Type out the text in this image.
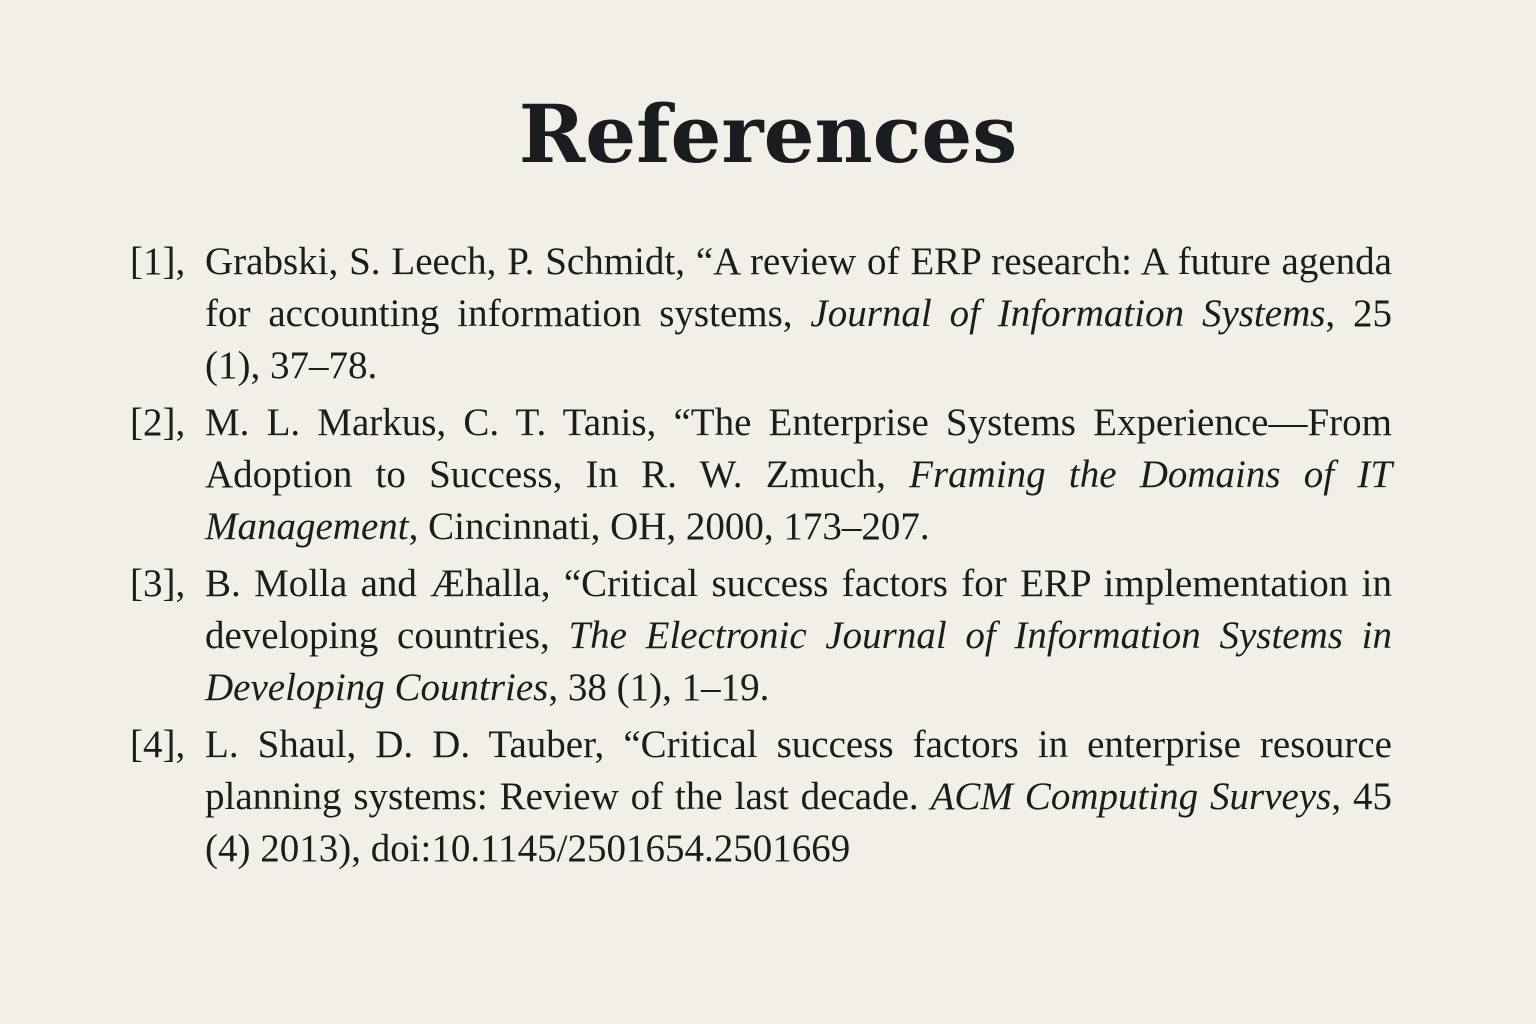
References
[1], Grabski, S. Leech, P. Schmidt, “A review of ERP research: A future agenda for accounting information systems, Journal of Information Systems, 25 (1), 37–78.
[2], M. L. Markus, C. T. Tanis, “The Enterprise Systems Experience—From Adoption to Success, In R. W. Zmuch, Framing the Domains of IT Management, Cincinnati, OH, 2000, 173–207.
[3], B. Molla and Æhalla, “Critical success factors for ERP implementation in developing countries, The Electronic Journal of Information Systems in Developing Countries, 38 (1), 1–19.
[4], L. Shaul, D. D. Tauber, “Critical success factors in enterprise resource planning systems: Review of the last decade. ACM Computing Surveys, 45 (4) 2013), doi:10.1145/2501654.2501669
